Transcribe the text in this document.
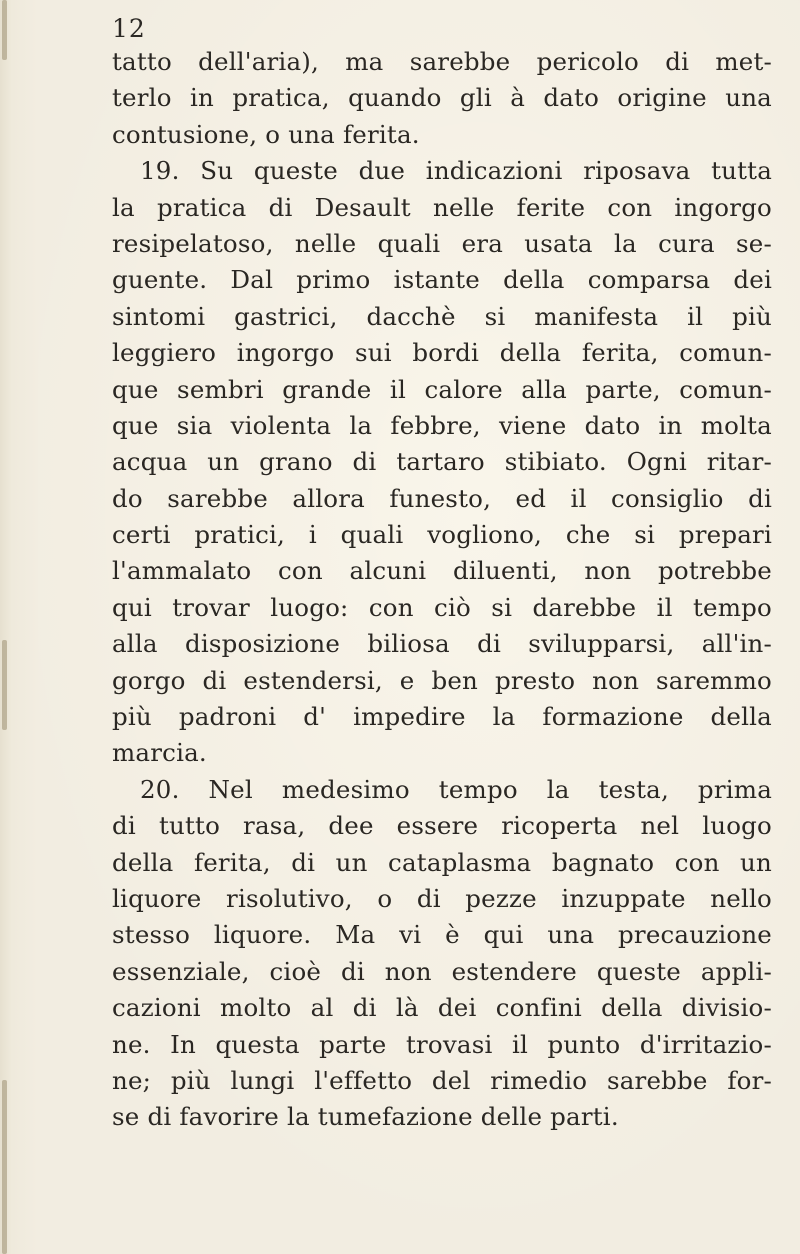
12
tatto dell'aria), ma sarebbe pericolo di met-
terlo in pratica, quando gli à dato origine una
contusione, o una ferita.
19. Su queste due indicazioni riposava tutta
la pratica di Desault nelle ferite con ingorgo
resipelatoso, nelle quali era usata la cura se-
guente. Dal primo istante della comparsa dei
sintomi gastrici, dacchè si manifesta il più
leggiero ingorgo sui bordi della ferita, comun-
que sembri grande il calore alla parte, comun-
que sia violenta la febbre, viene dato in molta
acqua un grano di tartaro stibiato. Ogni ritar-
do sarebbe allora funesto, ed il consiglio di
certi pratici, i quali vogliono, che si prepari
l'ammalato con alcuni diluenti, non potrebbe
qui trovar luogo: con ciò si darebbe il tempo
alla disposizione biliosa di svilupparsi, all'in-
gorgo di estendersi, e ben presto non saremmo
più padroni d' impedire la formazione della
marcia.
20. Nel medesimo tempo la testa, prima
di tutto rasa, dee essere ricoperta nel luogo
della ferita, di un cataplasma bagnato con un
liquore risolutivo, o di pezze inzuppate nello
stesso liquore. Ma vi è qui una precauzione
essenziale, cioè di non estendere queste appli-
cazioni molto al di là dei confini della divisio-
ne. In questa parte trovasi il punto d'irritazio-
ne; più lungi l'effetto del rimedio sarebbe for-
se di favorire la tumefazione delle parti.
